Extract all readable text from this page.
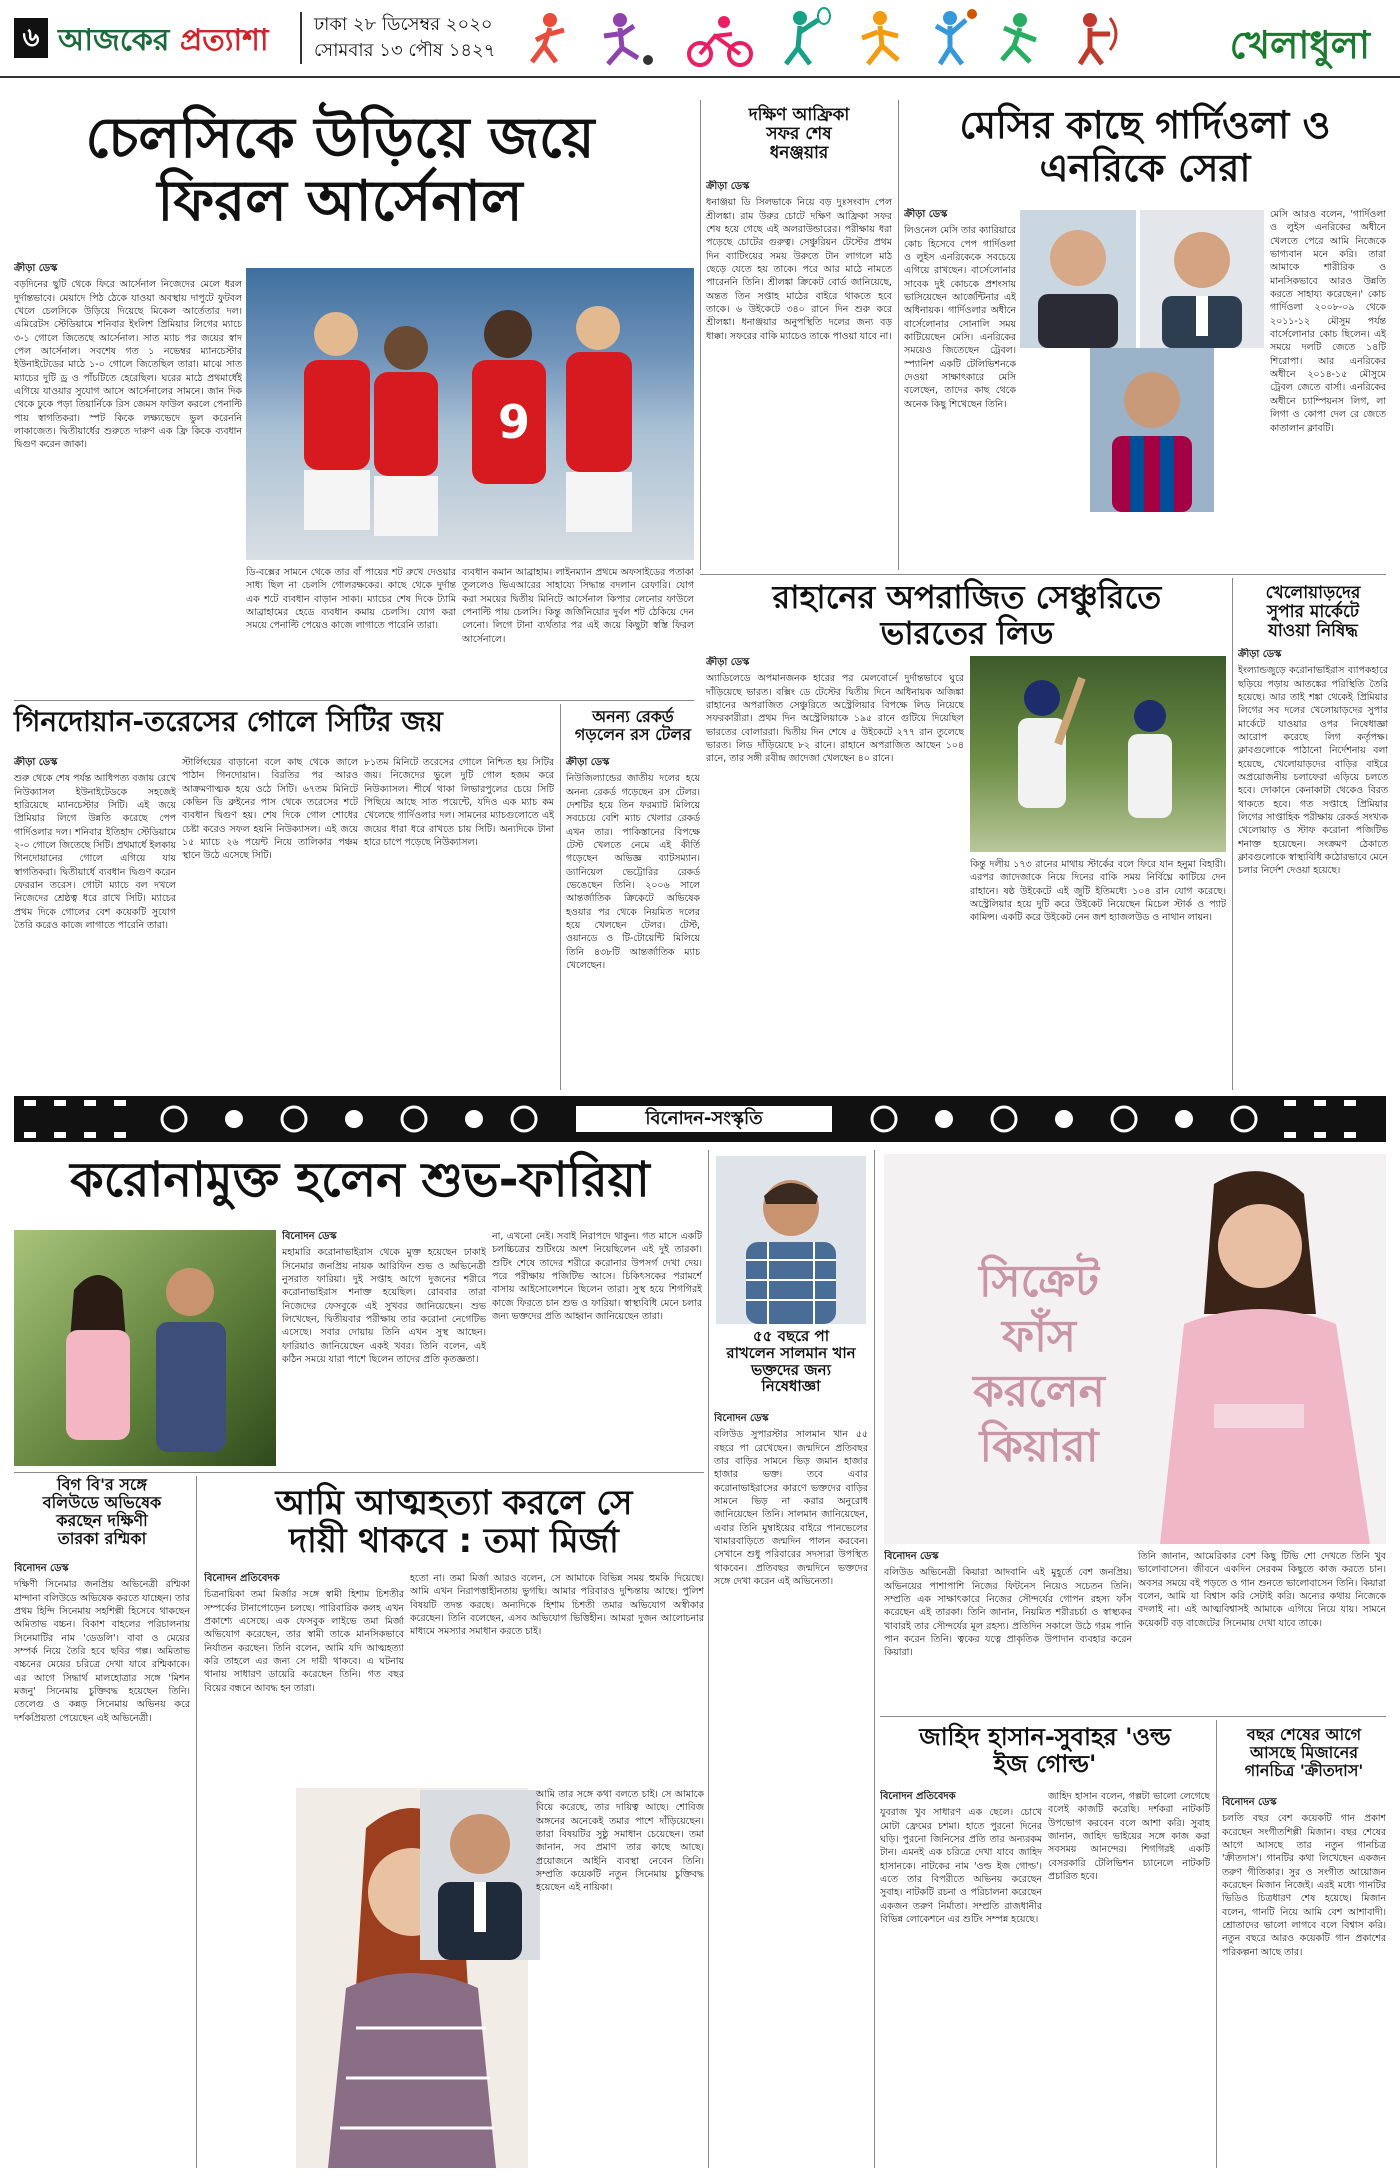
৬ আজকের প্রত্যাশা	ঢাকা ২৮ ডিসেম্বর ২০২০
সোমবার ১৩ পৌষ ১৪২৭	খেলাধুলা
চেলসিকে উড়িয়ে জয়ে
ফিরল আর্সেনাল
ক্রীড়া ডেস্ক
বড়দিনের ছুটি থেকে ফিরে আর্সেনাল নিজেদের মেলে ধরল দুর্দান্তভাবে। মেয়াদে পিঠ ঠেকে যাওয়া অবস্থায় দাপুটে ফুটবল খেলে চেলসিকে উড়িয়ে দিয়েছে মিকেল আর্তেতার দল। এমিরেটস স্টেডিয়ামে শনিবার ইংলিশ প্রিমিয়ার লিগের ম্যাচে ৩-১ গোলে জিতেছে আর্সেনাল। সাত ম্যাচ পর জয়ের স্বাদ পেল আর্সেনাল। সবশেষ গত ১ নভেম্বর ম্যানচেস্টার ইউনাইটেডের মাঠে ১-০ গোলে জিতেছিল তারা। মাঝে সাত ম্যাচের দুটি ড্র ও পাঁচটিতে হেরেছিল। ঘরের মাঠে প্রথমার্ধেই এগিয়ে যাওয়ার সুযোগ আসে আর্সেনালের সামনে। জান দিক থেকে ঢুকে পড়া তিয়ার্নিকে রিস জেমস ফাউল করলে পেনাল্টি পায় স্বাগতিকরা। স্পট কিকে লক্ষ্যভেদে ভুল করেননি লাকাজেত। দ্বিতীয়ার্ধের শুরুতে দারুণ এক ফ্রি কিকে ব্যবধান দ্বিগুণ করেন জাকা।	9
ডি-বক্সের সামনে থেকে তার বাঁ পায়ের শট রুখে দেওয়ার সাধ্য ছিল না চেলসি গোলরক্ষকের। কাছে থেকে দুর্দান্ত এক শটে ব্যবধান বাড়ান সাকা। ম্যাচের শেষ দিকে ট্যামি আব্রাহামের হেডে ব্যবধান কমায় চেলসি। যোগ করা সময়ে পেনাল্টি পেয়েও কাজে লাগাতে পারেনি তারা।
ব্যবধান কমান আব্রাহাম। লাইনম্যান প্রথমে অফসাইডের পতাকা তুললেও ভিএআরের সাহায্যে সিদ্ধান্ত বদলান রেফারি। যোগ করা সময়ের দ্বিতীয় মিনিটে আর্সেনাল কিপার লেনোর ফাউলে পেনাল্টি পায় চেলসি। কিন্তু জর্জিনিয়োর দুর্বল শট ঠেকিয়ে দেন লেনো। লিগে টানা ব্যর্থতার পর এই জয়ে কিছুটা স্বস্তি ফিরল আর্সেনালে।
দক্ষিণ আফ্রিকা
সফর শেষ
ধনঞ্জয়ার
ক্রীড়া ডেস্ক
ধনাঞ্জয়া ডি সিলভাকে নিয়ে বড় দুঃসংবাদ পেল শ্রীলঙ্কা। রাম উরুর চোটে দক্ষিণ আফ্রিকা সফর শেষ হয়ে গেছে এই অলরাউন্ডারের। পরীক্ষায় ধরা পড়েছে চোটের গুরুত্ব। সেঞ্চুরিয়ন টেস্টের প্রথম দিন ব্যাটিংয়ের সময় উরুতে টান লাগলে মাঠ ছেড়ে যেতে হয় তাকে। পরে আর মাঠে নামতে পারেননি তিনি। শ্রীলঙ্কা ক্রিকেট বোর্ড জানিয়েছে, অন্তত তিন সপ্তাহ মাঠের বাইরে থাকতে হবে তাকে। ৬ উইকেটে ৩৪০ রানে দিন শুরু করে শ্রীলঙ্কা। ধনাঞ্জয়ার অনুপস্থিতি দলের জন্য বড় ধাক্কা। সফরের বাকি ম্যাচেও তাকে পাওয়া যাবে না।
মেসির কাছে গার্দিওলা ও
এনরিকে সেরা
ক্রীড়া ডেস্ক
লিওনেল মেসি তার ক্যারিয়ারে কোচ হিসেবে পেপ গার্দিওলা ও লুইস এনরিকেকে সবচেয়ে এগিয়ে রাখছেন। বার্সেলোনার সাবেক দুই কোচকে প্রশংসায় ভাসিয়েছেন আর্জেন্টিনার এই অধিনায়ক। গার্দিওলার অধীনে বার্সেলোনার সোনালি সময় কাটিয়েছেন মেসি। এনরিকের সময়েও জিতেছেন ট্রেবল। স্প্যানিশ একটি টেলিভিশনকে দেওয়া সাক্ষাৎকারে মেসি বলেছেন, তাদের কাছ থেকে অনেক কিছু শিখেছেন তিনি।
মেসি আরও বলেন, 'গার্দিওলা ও লুইস এনরিকের অধীনে খেলতে পেরে আমি নিজেকে ভাগ্যবান মনে করি। তারা আমাকে শারীরিক ও মানসিকভাবে আরও উন্নতি করতে সাহায্য করেছেন।' কোচ গার্দিওলা ২০০৮-০৯ থেকে ২০১১-১২ মৌসুম পর্যন্ত বার্সেলোনার কোচ ছিলেন। এই সময়ে দলটি জেতে ১৪টি শিরোপা। আর এনরিকের অধীনে ২০১৪-১৫ মৌসুমে ট্রেবল জেতে বার্সা। এনরিকের অধীনে চ্যাম্পিয়নস লিগ, লা লিগা ও কোপা দেল রে জেতে কাতালান ক্লাবটি।
খেলোয়াড়দের
সুপার মার্কেটে
যাওয়া নিষিদ্ধ
ক্রীড়া ডেস্ক
ইংল্যান্ডজুড়ে করোনাভাইরাস ব্যাপকহারে ছড়িয়ে পড়ায় আতঙ্কের পরিস্থিতি তৈরি হয়েছে। আর তাই শঙ্কা থেকেই প্রিমিয়ার লিগের সব দলের খেলোয়াড়দের সুপার মার্কেটে যাওয়ার ওপর নিষেধাজ্ঞা আরোপ করেছে লিগ কর্তৃপক্ষ। ক্লাবগুলোকে পাঠানো নির্দেশনায় বলা হয়েছে, খেলোয়াড়দের বাড়ির বাইরে অপ্রয়োজনীয় চলাফেরা এড়িয়ে চলতে হবে। দোকানে কেনাকাটা থেকেও বিরত থাকতে হবে। গত সপ্তাহে প্রিমিয়ার লিগের সাপ্তাহিক পরীক্ষায় রেকর্ড সংখ্যক খেলোয়াড় ও স্টাফ করোনা পজিটিভ শনাক্ত হয়েছেন। সংক্রমণ ঠেকাতে ক্লাবগুলোকে স্বাস্থ্যবিধি কঠোরভাবে মেনে চলার নির্দেশ দেওয়া হয়েছে।
রাহানের অপরাজিত সেঞ্চুরিতে
ভারতের লিড
ক্রীড়া ডেস্ক
অ্যাডিলেডে অপমানজনক হারের পর মেলবোর্নে দুর্দান্তভাবে ঘুরে দাঁড়িয়েছে ভারত। বক্সিং ডে টেস্টের দ্বিতীয় দিনে অধিনায়ক অজিঙ্কা রাহানের অপরাজিত সেঞ্চুরিতে অস্ট্রেলিয়ার বিপক্ষে লিড নিয়েছে সফরকারীরা। প্রথম দিন অস্ট্রেলিয়াকে ১৯৫ রানে গুটিয়ে দিয়েছিল ভারতের বোলাররা। দ্বিতীয় দিন শেষে ৫ উইকেটে ২৭৭ রান তুলেছে ভারত। লিড দাঁড়িয়েছে ৮২ রানে। রাহানে অপরাজিত আছেন ১০৪ রানে, তার সঙ্গী রবীন্দ্র জাদেজা খেলছেন ৪০ রানে।
কিন্তু দলীয় ১৭৩ রানের মাথায় স্টার্কের বলে ফিরে যান হনুমা বিহারী। এরপর জাদেজাকে নিয়ে দিনের বাকি সময় নির্বিঘ্নে কাটিয়ে দেন রাহানে। ষষ্ঠ উইকেটে এই জুটি ইতিমধ্যে ১০৪ রান যোগ করেছে। অস্ট্রেলিয়ার হয়ে দুটি করে উইকেট নিয়েছেন মিচেল স্টার্ক ও প্যাট কামিন্স। একটি করে উইকেট নেন জশ হ্যাজলউড ও নাথান লায়ন।
গিনদোয়ান-তরেসের গোলে সিটির জয়
ক্রীড়া ডেস্ক
শুরু থেকে শেষ পর্যন্ত আধিপত্য বজায় রেখে নিউক্যাসল ইউনাইটেডকে সহজেই হারিয়েছে ম্যানচেস্টার সিটি। এই জয়ে প্রিমিয়ার লিগে উন্নতি করেছে পেপ গার্দিওলার দল। শনিবার ইতিহাদ স্টেডিয়ামে ২-০ গোলে জিতেছে সিটি। প্রথমার্ধে ইলকায় গিনদোয়ানের গোলে এগিয়ে যায় স্বাগতিকরা। দ্বিতীয়ার্ধে ব্যবধান দ্বিগুণ করেন ফেররান তরেস। গোটা ম্যাচে বল দখলে নিজেদের শ্রেষ্ঠত্ব ধরে রাখে সিটি। ম্যাচের প্রথম দিকে গোলের বেশ কয়েকটি সুযোগ তৈরি করেও কাজে লাগাতে পারেনি তারা।
স্টার্লিংয়ের বাড়ানো বলে কাছ থেকে জালে পাঠান গিনদোয়ান। বিরতির পর আরও আক্রমণাত্মক হয়ে ওঠে সিটি। ৬৭তম মিনিটে কেভিন ডি ব্রুইনের পাস থেকে তরেসের শটে ব্যবধান দ্বিগুণ হয়। শেষ দিকে গোল শোধের চেষ্টা করেও সফল হয়নি নিউক্যাসল। এই জয়ে ১৫ ম্যাচে ২৬ পয়েন্ট নিয়ে তালিকার পঞ্চম স্থানে উঠে এসেছে সিটি।
৮১তম মিনিটে তরেসের গোলে নিশ্চিত হয় সিটির জয়। নিজেদের ভুলে দুটি গোল হজম করে নিউক্যাসল। শীর্ষে থাকা লিভারপুলের চেয়ে সিটি পিছিয়ে আছে সাত পয়েন্টে, যদিও এক ম্যাচ কম খেলেছে গার্দিওলার দল। সামনের ম্যাচগুলোতে এই জয়ের ধারা ধরে রাখতে চায় সিটি। অন্যদিকে টানা হারে চাপে পড়েছে নিউক্যাসল।
অনন্য রেকর্ড
গড়লেন রস টেলর
ক্রীড়া ডেস্ক
নিউজিল্যান্ডের জাতীয় দলের হয়ে অনন্য রেকর্ড গড়েছেন রস টেলর। দেশটির হয়ে তিন ফরম্যাট মিলিয়ে সবচেয়ে বেশি ম্যাচ খেলার রেকর্ড এখন তার। পাকিস্তানের বিপক্ষে টেস্ট খেলতে নেমে এই কীর্তি গড়েছেন অভিজ্ঞ ব্যাটসম্যান। ড্যানিয়েল ভেট্টোরির রেকর্ড ভেঙেছেন তিনি। ২০০৬ সালে আন্তর্জাতিক ক্রিকেটে অভিষেক হওয়ার পর থেকে নিয়মিত দলের হয়ে খেলছেন টেলর। টেস্ট, ওয়ানডে ও টি-টোয়েন্টি মিলিয়ে তিনি ৪৩৮টি আন্তর্জাতিক ম্যাচ খেলেছেন।
বিনোদন-সংস্কৃতি
করোনামুক্ত হলেন শুভ-ফারিয়া
বিনোদন ডেস্ক
মহামারি করোনাভাইরাস থেকে মুক্ত হয়েছেন ঢাকাই সিনেমার জনপ্রিয় নায়ক আরিফিন শুভ ও অভিনেত্রী নুসরাত ফারিয়া। দুই সপ্তাহ আগে দুজনের শরীরে করোনাভাইরাস শনাক্ত হয়েছিল। রোববার তারা নিজেদের ফেসবুকে এই সুখবর জানিয়েছেন। শুভ লিখেছেন, দ্বিতীয়বার পরীক্ষায় তার করোনা নেগেটিভ এসেছে। সবার দোয়ায় তিনি এখন সুস্থ আছেন। ফারিয়াও জানিয়েছেন একই খবর। তিনি বলেন, এই কঠিন সময়ে যারা পাশে ছিলেন তাদের প্রতি কৃতজ্ঞতা।
না, এখনো নেই। সবাই নিরাপদে থাকুন। গত মাসে একটি চলচ্চিত্রের শুটিংয়ে অংশ নিয়েছিলেন এই দুই তারকা। শুটিং শেষে তাদের শরীরে করোনার উপসর্গ দেখা দেয়। পরে পরীক্ষায় পজিটিভ আসে। চিকিৎসকের পরামর্শে বাসায় আইসোলেশনে ছিলেন তারা। সুস্থ হয়ে শিগগিরই কাজে ফিরতে চান শুভ ও ফারিয়া। স্বাস্থ্যবিধি মেনে চলার জন্য ভক্তদের প্রতি আহ্বান জানিয়েছেন তারা।
৫৫ বছরে পা
রাখলেন সালমান খান
ভক্তদের জন্য
নিষেধাজ্ঞা
বিনোদন ডেস্ক
বলিউড সুপারস্টার সালমান খান ৫৫ বছরে পা রেখেছেন। জন্মদিনে প্রতিবছর তার বাড়ির সামনে ভিড় জমান হাজার হাজার ভক্ত। তবে এবার করোনাভাইরাসের কারণে ভক্তদের বাড়ির সামনে ভিড় না করার অনুরোধ জানিয়েছেন তিনি। সালমান জানিয়েছেন, এবার তিনি মুম্বাইয়ের বাইরে পানভেলের খামারবাড়িতে জন্মদিন পালন করবেন। সেখানে শুধু পরিবারের সদস্যরা উপস্থিত থাকবেন। প্রতিবছর জন্মদিনে ভক্তদের সঙ্গে দেখা করেন এই অভিনেতা।
সিক্রেট
ফাঁস
করলেন
কিয়ারা
বিনোদন ডেস্ক
বলিউড অভিনেত্রী কিয়ারা আদবানি এই মুহূর্তে বেশ জনপ্রিয়। অভিনয়ের পাশাপাশি নিজের ফিটনেস নিয়েও সচেতন তিনি। সম্প্রতি এক সাক্ষাৎকারে নিজের সৌন্দর্যের গোপন রহস্য ফাঁস করেছেন এই তারকা। তিনি জানান, নিয়মিত শরীরচর্চা ও স্বাস্থ্যকর খাবারই তার সৌন্দর্যের মূল রহস্য। প্রতিদিন সকালে উঠে গরম পানি পান করেন তিনি। ত্বকের যত্নে প্রাকৃতিক উপাদান ব্যবহার করেন কিয়ারা।
তিনি জানান, আমেরিকার বেশ কিছু টিভি শো দেখতে তিনি খুব ভালোবাসেন। জীবনে একদিন সেরকম কিছুতে কাজ করতে চান। অবসর সময়ে বই পড়তে ও গান শুনতে ভালোবাসেন তিনি। কিয়ারা বলেন, আমি যা বিশ্বাস করি সেটাই করি। অন্যের কথায় নিজেকে বদলাই না। এই আত্মবিশ্বাসই আমাকে এগিয়ে নিয়ে যায়। সামনে কয়েকটি বড় বাজেটের সিনেমায় দেখা যাবে তাকে।
বিগ বি'র সঙ্গে
বলিউডে অভিষেক
করছেন দক্ষিণী
তারকা রশ্মিকা
বিনোদন ডেস্ক
দক্ষিণী সিনেমার জনপ্রিয় অভিনেত্রী রশ্মিকা মান্দানা বলিউডে অভিষেক করতে যাচ্ছেন। তার প্রথম হিন্দি সিনেমায় সহশিল্পী হিসেবে থাকছেন অমিতাভ বচ্চন। বিকাশ বাহলের পরিচালনায় সিনেমাটির নাম 'ডেডলি'। বাবা ও মেয়ের সম্পর্ক নিয়ে তৈরি হবে ছবির গল্প। অমিতাভ বচ্চনের মেয়ের চরিত্রে দেখা যাবে রশ্মিকাকে। এর আগে সিদ্ধার্থ মালহোত্রার সঙ্গে 'মিশন মজনু' সিনেমায় চুক্তিবদ্ধ হয়েছেন তিনি। তেলেগু ও কন্নড় সিনেমায় অভিনয় করে দর্শকপ্রিয়তা পেয়েছেন এই অভিনেত্রী।
আমি আত্মহত্যা করলে সে
দায়ী থাকবে : তমা মির্জা
বিনোদন প্রতিবেদক
চিত্রনায়িকা তমা মির্জার সঙ্গে স্বামী হিশাম চিশতীর সম্পর্কের টানাপোড়েন চলছে। পারিবারিক কলহ এখন প্রকাশ্যে এসেছে। এক ফেসবুক লাইভে তমা মির্জা অভিযোগ করেছেন, তার স্বামী তাকে মানসিকভাবে নির্যাতন করছেন। তিনি বলেন, আমি যদি আত্মহত্যা করি তাহলে এর জন্য সে দায়ী থাকবে। এ ঘটনায় থানায় সাধারণ ডায়েরি করেছেন তিনি। গত বছর বিয়ের বন্ধনে আবদ্ধ হন তারা।
হতো না। তমা মির্জা আরও বলেন, সে আমাকে বিভিন্ন সময় হুমকি দিয়েছে। আমি এখন নিরাপত্তাহীনতায় ভুগছি। আমার পরিবারও দুশ্চিন্তায় আছে। পুলিশ বিষয়টি তদন্ত করছে। অন্যদিকে হিশাম চিশতী তমার অভিযোগ অস্বীকার করেছেন। তিনি বলেছেন, এসব অভিযোগ ভিত্তিহীন। আমরা দুজন আলোচনার মাধ্যমে সমস্যার সমাধান করতে চাই।
আমি তার সঙ্গে কথা বলতে চাই। সে আমাকে বিয়ে করেছে, তার দায়িত্ব আছে। শোবিজ অঙ্গনের অনেকেই তমার পাশে দাঁড়িয়েছেন। তারা বিষয়টির সুষ্ঠু সমাধান চেয়েছেন। তমা জানান, সব প্রমাণ তার কাছে আছে। প্রয়োজনে আইনি ব্যবস্থা নেবেন তিনি। সম্প্রতি কয়েকটি নতুন সিনেমায় চুক্তিবদ্ধ হয়েছেন এই নায়িকা।
জাহিদ হাসান-সুবাহর 'ওল্ড
ইজ গোল্ড'
বিনোদন প্রতিবেদক
যুবরাজ খুব সাধারণ এক ছেলে। চোখে মোটা ফ্রেমের চশমা। হাতে পুরনো দিনের ঘড়ি। পুরনো জিনিসের প্রতি তার অন্যরকম টান। এমনই এক চরিত্রে দেখা যাবে জাহিদ হাসানকে। নাটকের নাম 'ওল্ড ইজ গোল্ড'। এতে তার বিপরীতে অভিনয় করেছেন সুবাহ। নাটকটি রচনা ও পরিচালনা করেছেন একজন তরুণ নির্মাতা। সম্প্রতি রাজধানীর বিভিন্ন লোকেশনে এর শুটিং সম্পন্ন হয়েছে।
জাহিদ হাসান বলেন, গল্পটা ভালো লেগেছে বলেই কাজটি করেছি। দর্শকরা নাটকটি উপভোগ করবেন বলে আশা করি। সুবাহ জানান, জাহিদ ভাইয়ের সঙ্গে কাজ করা সবসময় আনন্দের। শিগগিরই একটি বেসরকারি টেলিভিশন চ্যানেলে নাটকটি প্রচারিত হবে।
বছর শেষের আগে
আসছে মিজানের
গানচিত্র 'ক্রীতদাস'
বিনোদন ডেস্ক
চলতি বছর বেশ কয়েকটি গান প্রকাশ করেছেন সংগীতশিল্পী মিজান। বছর শেষের আগে আসছে তার নতুন গানচিত্র 'ক্রীতদাস'। গানটির কথা লিখেছেন একজন তরুণ গীতিকার। সুর ও সংগীত আয়োজন করেছেন মিজান নিজেই। এরই মধ্যে গানটির ভিডিও চিত্রধারণ শেষ হয়েছে। মিজান বলেন, গানটি নিয়ে আমি বেশ আশাবাদী। শ্রোতাদের ভালো লাগবে বলে বিশ্বাস করি। নতুন বছরে আরও কয়েকটি গান প্রকাশের পরিকল্পনা আছে তার।
